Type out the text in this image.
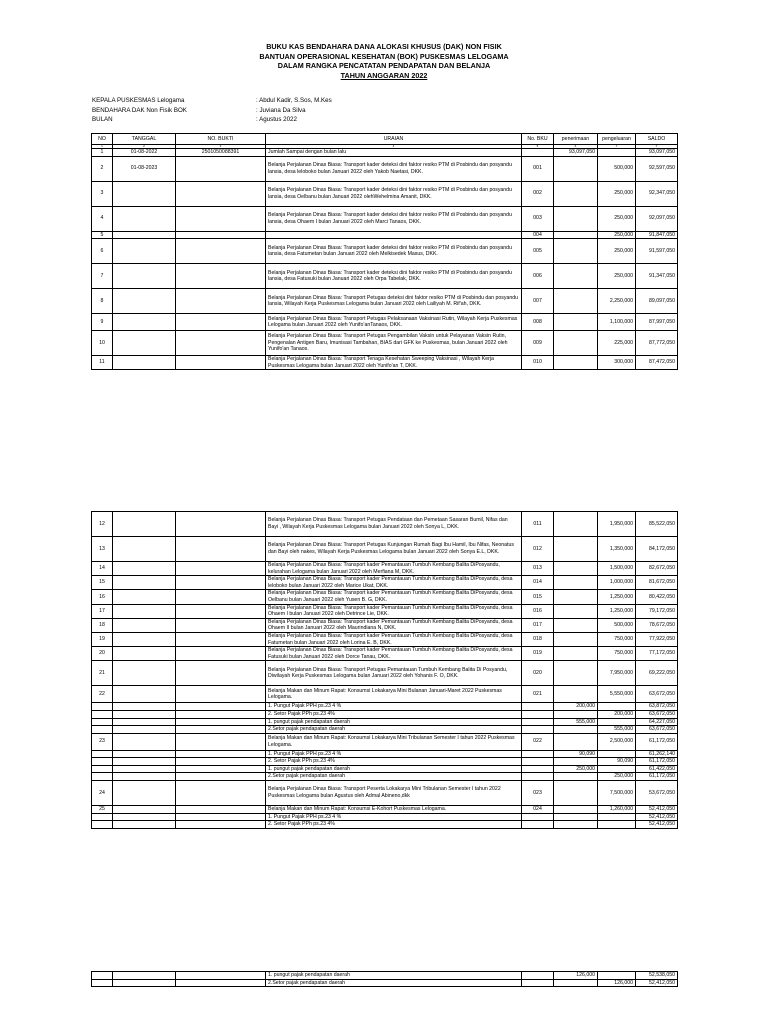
BUKU KAS BENDAHARA DANA ALOKASI KHUSUS (DAK) NON FISIK
BANTUAN OPERASIONAL KESEHATAN (BOK) PUSKESMAS LELOGAMA
DALAM RANGKA PENCATATAN PENDAPATAN DAN BELANJA
TAHUN ANGGARAN 2022
KEPALA PUSKESMAS Lelogama	: Abdul Kadir, S.Sos, M.Kes
BENDAHARA DAK Non Fisik BOK	: Juviana Da Silva
BULAN	: Agustus 2022
NO	TANGGAL	NO. BUKTI	URAIAN	No. BKU	penerimaan	pengeluaran	SALDO
1	2	3	4	5	6	7	7
1	01-08-2022	2501050088391	Jumlah Sampai dengan bulan lalu		93,097,050		93,097,050
2	01-08-2023		Belanja Perjalanan Dinas Biasa: Transport kader deteksi dini faktor resiko PTM di Posbindu dan posyandu lansia, desa leloboko bulan Januari 2022 oleh Yakob Naetasi, DKK.	001		500,000	92,597,050
3			Belanja Perjalanan Dinas Biasa: Transport kader deteksi dini faktor resiko PTM di Posbindu dan posyandu lansia, desa Oelbanu bulan Januari 2022 olehWehelmina Amanit, DKK.	002		250,000	92,347,050
4			Belanja Perjalanan Dinas Biasa: Transport kader deteksi dini faktor resiko PTM di Posbindu dan posyandu lansia, desa Ohaem I bulan Januari 2022 oleh Marci Tanaos, DKK.	003		250,000	92,097,050
5				004		250,000	91,847,050
6			Belanja Perjalanan Dinas Biasa: Transport kader deteksi dini faktor resiko PTM di Posbindu dan posyandu lansia, desa Fatumetan bulan Januari 2022 oleh Melkisedek Masus, DKK.	005		250,000	91,597,050
7			Belanja Perjalanan Dinas Biasa: Transport kader deteksi dini faktor resiko PTM di Posbindu dan posyandu lansia, desa Fatusuki bulan Januari 2022 oleh Orpa Tabelak, DKK.	006		250,000	91,347,050
8			Belanja Perjalanan Dinas Biasa: Transport Petugas deteksi dini faktor resiko PTM di Posbindu dan posyandu lansia, Wilayah Kerja Puskesmas Lelogama bulan Januari 2022 oleh Lailiyah M. Rif'ah, DKK.	007		2,250,000	89,097,050
9			Belanja Perjalanan Dinas Biasa: Transport Petugas Pelaksanaan Vaksinasi Rutin, Wilayah Kerja Puskesmas Lelogama bulan Januari 2022 oleh YunifoʻanTanaos, DKK.	008		1,100,000	87,997,050
10			Belanja Perjalanan Dinas Biasa: Transport Petugas Pengambilan Vaksin untuk Pelayanan Vaksin Rutin, Pengenalan Antigen Baru, Imunisasi Tambahan, BIAS dari GFK ke Puskesmas, bulan Januari 2022 oleh Yunifo'an Tanaos.	009		225,000	87,772,050
11			Belanja Perjalanan Dinas Biasa: Transport Tenaga Kesehatan Sweeping Vaksinasi , Wilayah Kerja Puskesmas Lelogama bulan Januari 2022 oleh Yunifo'an T, DKK.	010		300,000	87,472,050
12			Belanja Perjalanan Dinas Biasa: Transport Petugas Pendataan dan Pemetaan Sasaran Bumil, Nifas dan Bayi , Wilayah Kerja Puskesmas Lelogama bulan Januari 2022 oleh Sonya L, DKK.	011		1,950,000	85,522,050
13			Belanja Perjalanan Dinas Biasa: Transport Petugas Kunjungan Rumah Bagi Ibu Hamil, Ibu Nifas, Neonatus dan Bayi oleh nakes, Wilayah Kerja Puskesmas Lelogama bulan Januari 2022 oleh Sonya E.L, DKK.	012		1,350,000	84,172,050
14			Belanja Perjalanan Dinas Biasa: Transport kader Pemantauan Tumbuh Kembang Balita DiPosyandu, kelurahan Lelogama bulan Januari 2022 oleh Merfiana M, DKK.	013		1,500,000	82,672,050
15			Belanja Perjalanan Dinas Biasa: Transport kader Pemantauan Tumbuh Kembang Balita DiPosyandu, desa leloboko bulan Januari 2022 oleh Marice Ukat, DKK.	014		1,000,000	81,672,050
16			Belanja Perjalanan Dinas Biasa: Transport kader Pemantauan Tumbuh Kembang Balita DiPosyandu, desa Oelbanu bulan Januari 2022 oleh Yusen B. G, DKK.	015		1,250,000	80,422,050
17			Belanja Perjalanan Dinas Biasa: Transport kader Pemantauan Tumbuh Kembang Balita DiPosyandu, desa Ohaem I bulan Januari 2022 oleh Detrince Lie, DKK.	016		1,250,000	79,172,050
18			Belanja Perjalanan Dinas Biasa: Transport kader Pemantauan Tumbuh Kembang Balita DiPosyandu, desa Ohaem II bulan Januari 2022 oleh Maurindiana N, DKK.	017		500,000	78,672,050
19			Belanja Perjalanan Dinas Biasa: Transport kader Pemantauan Tumbuh Kembang Balita DiPosyandu, desa Fatumetan bulan Januari 2022 oleh Lorina E. B, DKK.	018		750,000	77,922,050
20			Belanja Perjalanan Dinas Biasa: Transport kader Pemantauan Tumbuh Kembang Balita DiPosyandu, desa Fatusuki bulan Januari 2022 oleh Dorce Tanau, DKK.	019		750,000	77,172,050
21			Belanja Perjalanan Dinas Biasa: Transport Petugas Pemantauan Tumbuh Kembang Balita Di Posyandu, Diwilayah Kerja Puskesmas Lelogama bulan Januari 2022 oleh Yohanis F. O, DKK.	020		7,950,000	69,222,050
22			Belanja Makan dan Minum Rapat: Konsumsi Lokakarya Mini Bulanan Januari-Maret 2022 Puskesmas Lelogama.	021		5,550,000	63,672,050
			1. Pungut Pajak PPH ps.23 4 %		200,000		63,872,050
			2. Setor Pajak PPh ps.23 4%			200,000	63,672,050
			1. pungut pajak pendapatan daerah		555,000		64,227,050
			2.Setor pajak pendapatan daerah			555,000	63,672,050
23			Belanja Makan dan Minum Rapat: Konsumsi Lokakarya Mini Tribulanan Semester I tahun 2022 Puskesmas Lelogama.	022		2,500,000	61,172,050
			1. Pungut Pajak PPH ps.23 4 %		90,090		61,262,140
			2. Setor Pajak PPh ps.23 4%			90,090	61,172,050
			1. pungut pajak pendapatan daerah		250,000		61,422,050
			2.Setor pajak pendapatan daerah			250,000	61,172,050
24			Belanja Perjalanan Dinas Biasa: Transport Peserta Lokakarya Mini Tribulanan Semester I tahun 2022 Puskesmas Lelogama bulan Agustus oleh Admal Abineno,dkk	023		7,500,000	53,672,050
25			Belanja Makan dan Minum Rapat: Konsumsi E-Kohort Puskesmas Lelogama.	024		1,260,000	52,412,050
			1. Pungut Pajak PPH ps.23 4 %				52,412,050
			2. Setor Pajak PPh ps.23 4%				52,412,050
			1. pungut pajak pendapatan daerah		126,000		52,538,050
			2.Setor pajak pendapatan daerah			126,000	52,412,050
